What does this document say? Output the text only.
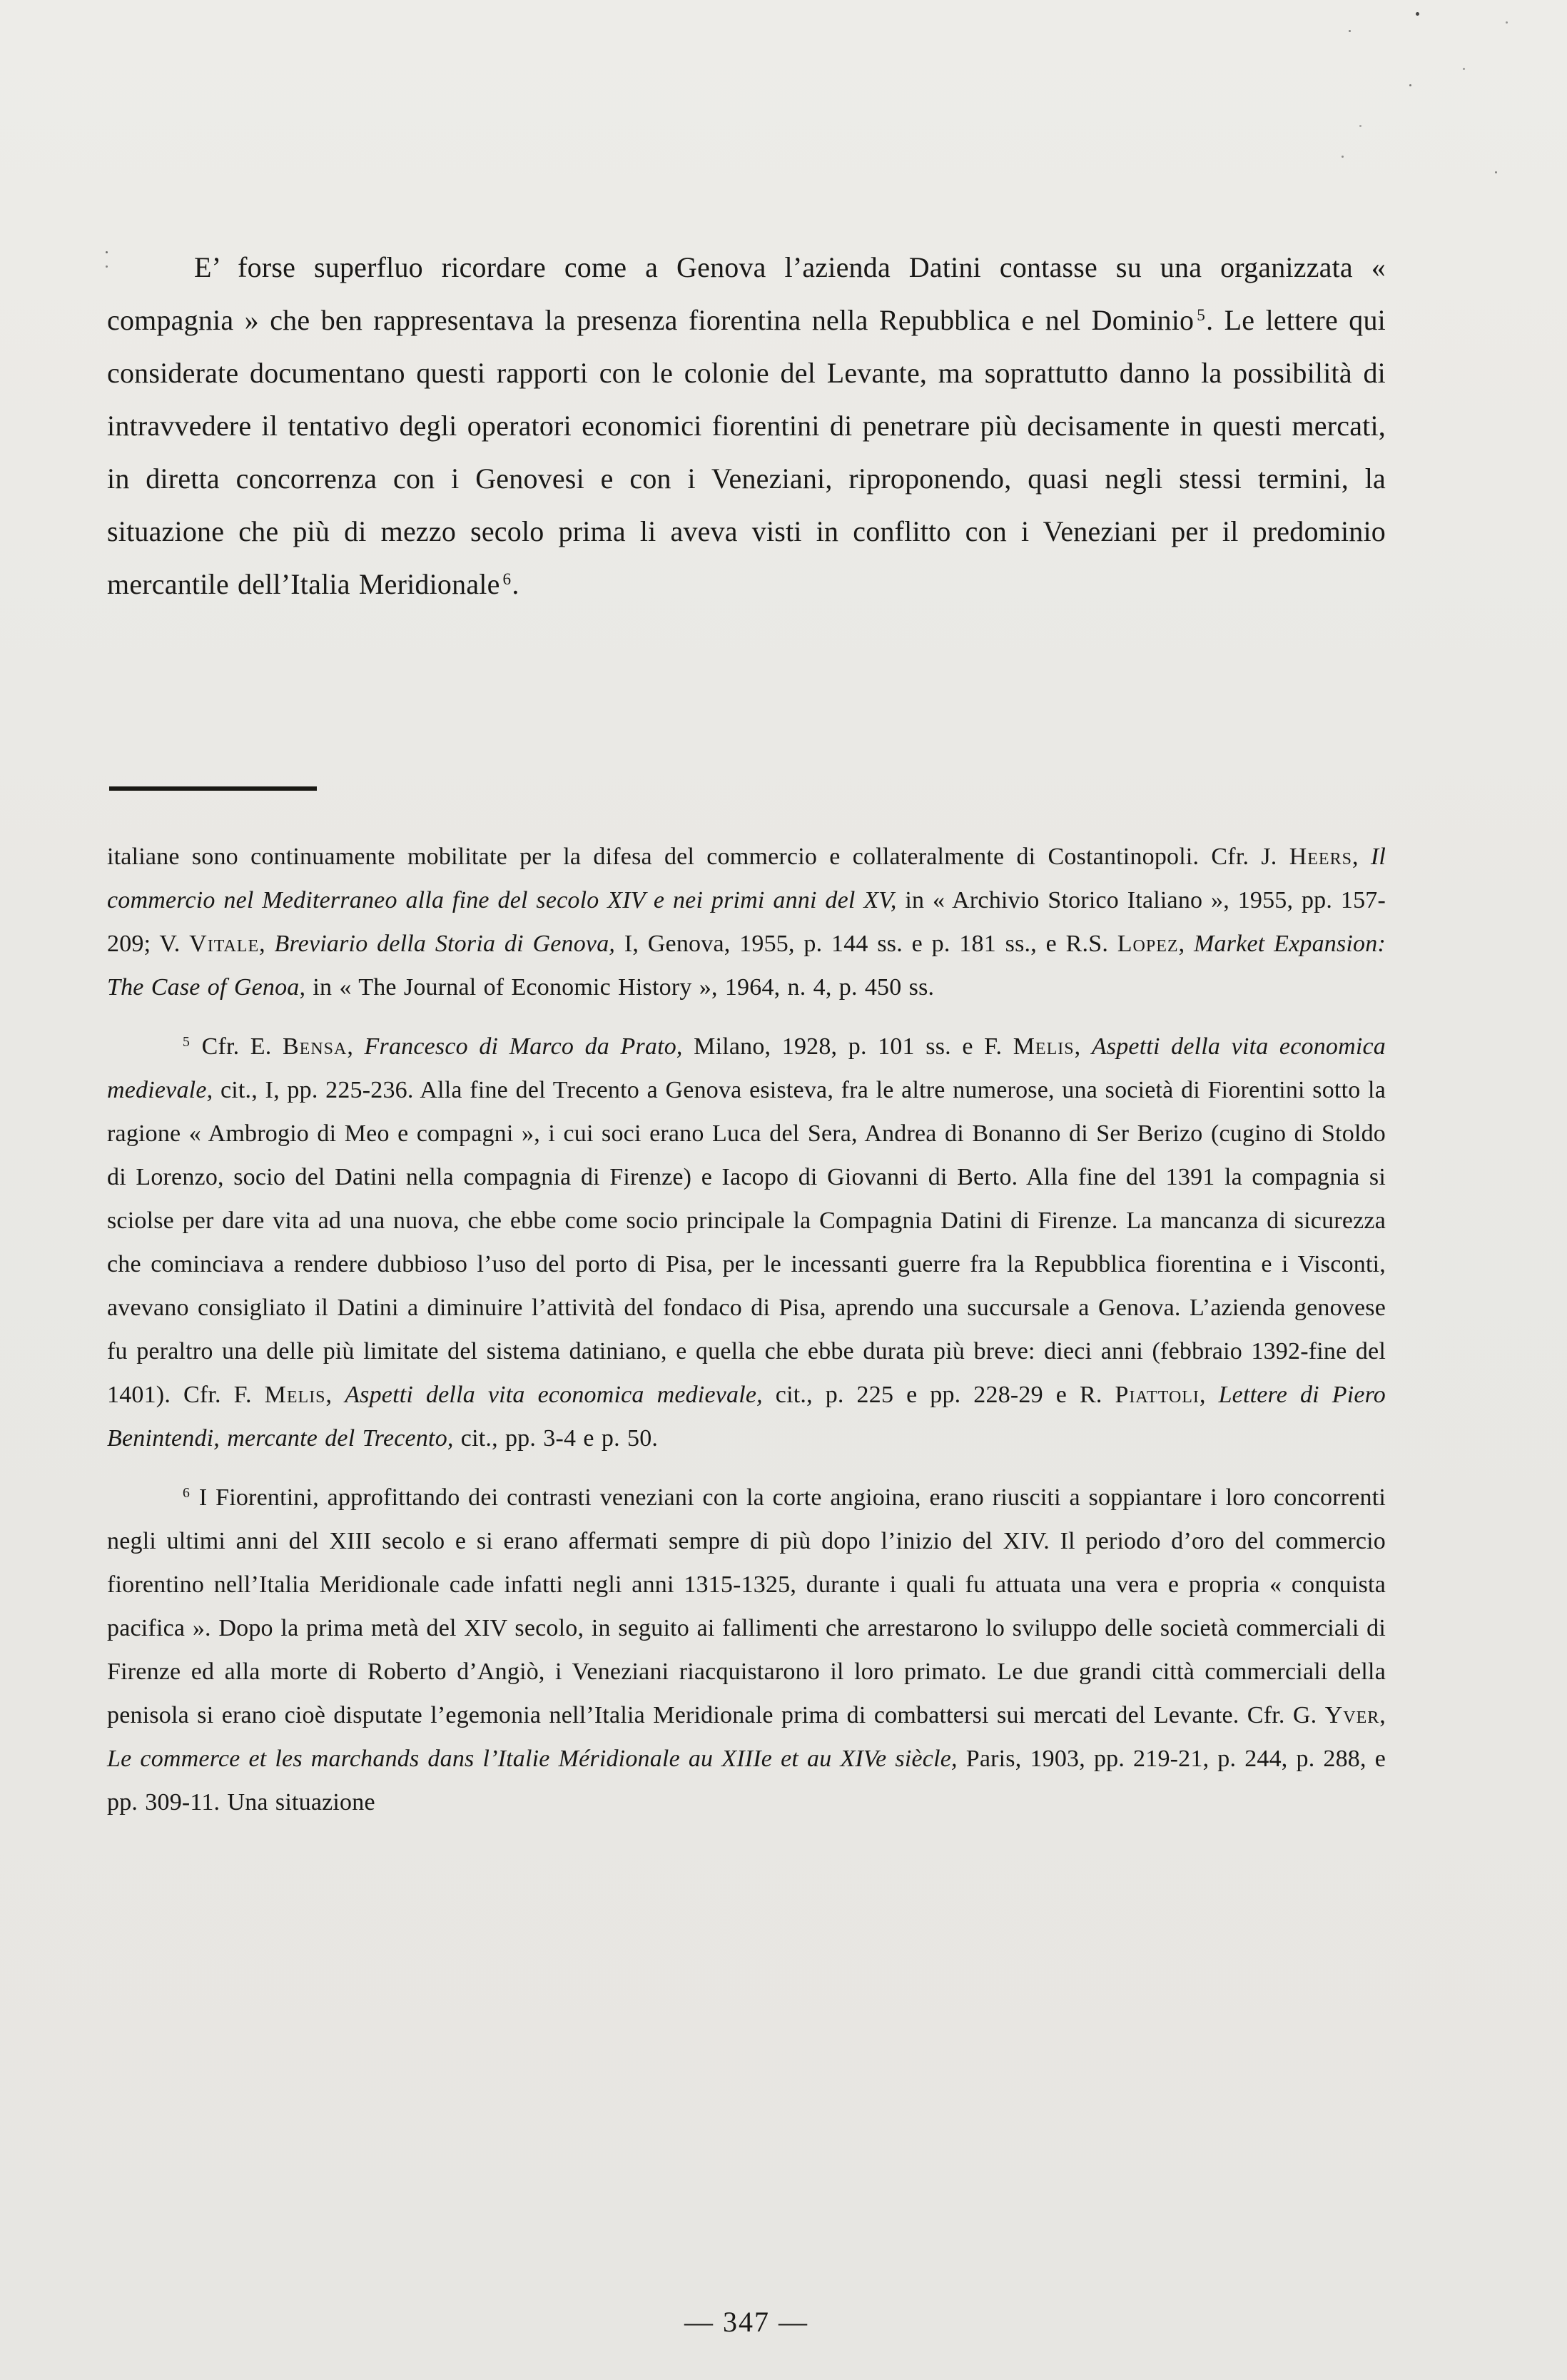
E’ forse superfluo ricordare come a Genova l’azienda Datini contasse su una organizzata « compagnia » che ben rappresentava la presenza fiorentina nella Repubblica e nel Dominio $^5$. Le lettere qui considerate documentano questi rapporti con le colonie del Levante, ma soprattutto danno la possibilità di intravvedere il tentativo degli operatori economici fiorentini di penetrare più decisamente in questi mercati, in diretta concorrenza con i Genovesi e con i Veneziani, riproponendo, quasi negli stessi termini, la situazione che più di mezzo secolo prima li aveva visti in conflitto con i Veneziani per il predominio mercantile dell’Italia Meridionale $^6$.

italiane sono continuamente mobilitate per la difesa del commercio e collateralmente di Costantinopoli. Cfr. J. Heers, Il commercio nel Mediterraneo alla fine del secolo XIV e nei primi anni del XV, in « Archivio Storico Italiano », 1955, pp. 157-209; V. Vitale, Breviario della Storia di Genova, I, Genova, 1955, p. 144 ss. e p. 181 ss., e R.S. Lopez, Market Expansion: The Case of Genoa, in « The Journal of Economic History », 1964, n. 4, p. 450 ss.

$^5$ Cfr. E. Bensa, Francesco di Marco da Prato, Milano, 1928, p. 101 ss. e F. Melis, Aspetti della vita economica medievale, cit., I, pp. 225-236. Alla fine del Trecento a Genova esisteva, fra le altre numerose, una società di Fiorentini sotto la ragione « Ambrogio di Meo e compagni », i cui soci erano Luca del Sera, Andrea di Bonanno di Ser Berizo (cugino di Stoldo di Lorenzo, socio del Datini nella compagnia di Firenze) e Iacopo di Giovanni di Berto. Alla fine del 1391 la compagnia si sciolse per dare vita ad una nuova, che ebbe come socio principale la Compagnia Datini di Firenze. La mancanza di sicurezza che cominciava a rendere dubbioso l’uso del porto di Pisa, per le incessanti guerre fra la Repubblica fiorentina e i Visconti, avevano consigliato il Datini a diminuire l’attività del fondaco di Pisa, aprendo una succursale a Genova. L’azienda genovese fu peraltro una delle più limitate del sistema datiniano, e quella che ebbe durata più breve: dieci anni (febbraio 1392-fine del 1401). Cfr. F. Melis, Aspetti della vita economica medievale, cit., p. 225 e pp. 228-29 e R. Piattoli, Lettere di Piero Benintendi, mercante del Trecento, cit., pp. 3-4 e p. 50.

$^6$ I Fiorentini, approfittando dei contrasti veneziani con la corte angioina, erano riusciti a soppiantare i loro concorrenti negli ultimi anni del XIII secolo e si erano affermati sempre di più dopo l’inizio del XIV. Il periodo d’oro del commercio fiorentino nell’Italia Meridionale cade infatti negli anni 1315-1325, durante i quali fu attuata una vera e propria « conquista pacifica ». Dopo la prima metà del XIV secolo, in seguito ai fallimenti che arrestarono lo sviluppo delle società commerciali di Firenze ed alla morte di Roberto d’Angiò, i Veneziani riacquistarono il loro primato. Le due grandi città commerciali della penisola si erano cioè disputate l’egemonia nell’Italia Meridionale prima di combattersi sui mercati del Levante. Cfr. G. Yver, Le commerce et les marchands dans l’Italie Méridionale au XIIIe et au XIVe siècle, Paris, 1903, pp. 219-21, p. 244, p. 288, e pp. 309-11. Una situazione

— 347 —
